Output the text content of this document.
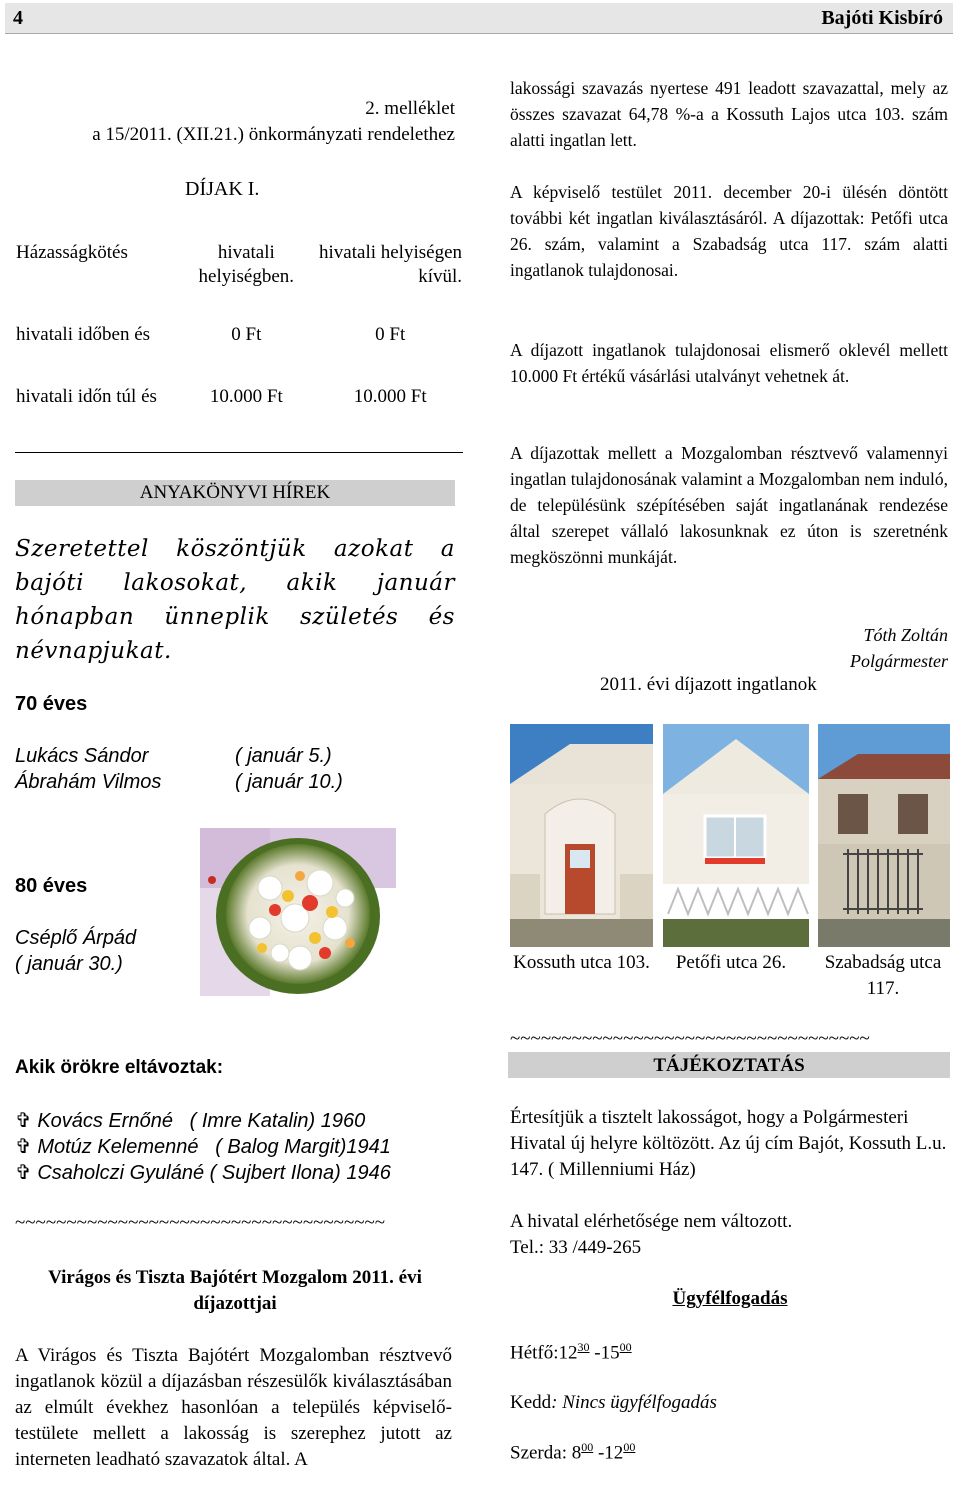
4	Bajóti Kisbíró
2. melléklet
a 15/2011. (XII.21.) önkormányzati rendelethez
DÍJAK I.
Házasságkötés	hivatali helyiségben.	hivatali helyiségen kívül.
hivatali időben és	0 Ft	0 Ft
hivatali időn túl és	10.000 Ft	10.000 Ft
ANYAKÖNYVI HÍREK
Szeretettel köszöntjük azokat a bajóti lakosokat, akik január hónapban ünneplik születés és névnapjukat.
70 éves
Lukács Sándor	( január 5.)
Ábrahám Vilmos	( január 10.)
80 éves
Cséplő Árpád
( január 30.)
Akik örökre eltávoztak:
✞ Kovács Ernőné   ( Imre Katalin) 1960
✞ Motúz Kelemenné   ( Balog Margit)1941
✞ Csaholczi Gyuláné ( Sujbert Ilona) 1946
~~~~~~~~~~~~~~~~~~~~~~~~~~~~~~~~~~~~
Virágos és Tiszta Bajótért Mozgalom 2011. évi díjazottjai
A Virágos és Tiszta Bajótért Mozgalomban résztvevő ingatlanok közül a díjazásban részesülők kiválasztásában az elmúlt évekhez hasonlóan a település képviselő-testülete mellett a lakosság is szerephez jutott az interneten leadható szavazatok által. A
lakossági szavazás nyertese 491 leadott szavazattal, mely az összes szavazat 64,78 %-a a Kossuth Lajos utca 103. szám alatti ingatlan lett.
A képviselő testület 2011. december 20-i ülésén döntött további két ingatlan kiválasztásáról. A díjazottak: Petőfi utca 26. szám, valamint a Szabadság utca 117. szám alatti ingatlanok tulajdonosai.
A díjazott ingatlanok tulajdonosai elismerő oklevél mellett 10.000 Ft értékű vásárlási utalványt vehetnek át.
A díjazottak mellett a Mozgalomban résztvevő valamennyi ingatlan tulajdonosának valamint a Mozgalomban nem induló, de településünk szépítésében saját ingatlanának rendezése által szerepet vállaló lakosunknak ez úton is szeretnénk megköszönni munkáját.
Tóth Zoltán
Polgármester
2011. évi díjazott ingatlanok
Kossuth utca 103.	Petőfi utca 26.	Szabadság utca 117.
~~~~~~~~~~~~~~~~~~~~~~~~~~~~~~~~~~~
TÁJÉKOZTATÁS
Értesítjük a tisztelt lakosságot, hogy a Polgármesteri Hivatal új helyre költözött. Az új cím Bajót, Kossuth L.u. 147. ( Millenniumi Ház)
A hivatal elérhetősége nem változott.
Tel.: 33 /449-265
Ügyfélfogadás
$Hétfő:12^{30}$ $-15^{00}$
Kedd: Nincs ügyfélfogadás
Szerda: $8^{00}$ $-12^{00}$
